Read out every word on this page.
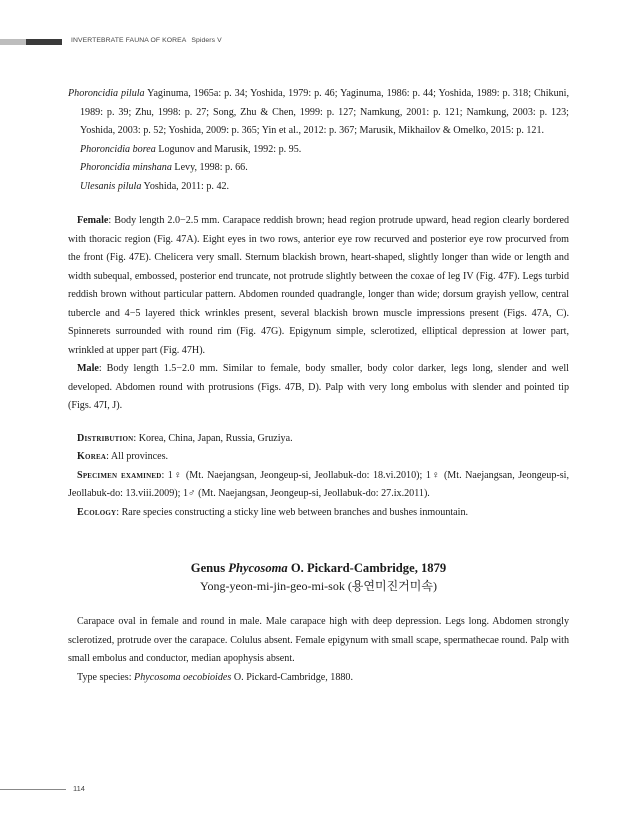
INVERTEBRATE FAUNA OF KOREA Spiders V

Phoroncidia pilula Yaginuma, 1965a: p. 34; Yoshida, 1979: p. 46; Yaginuma, 1986: p. 44; Yoshida, 1989: p. 318; Chikuni, 1989: p. 39; Zhu, 1998: p. 27; Song, Zhu & Chen, 1999: p. 127; Namkung, 2001: p. 121; Namkung, 2003: p. 123; Yoshida, 2003: p. 52; Yoshida, 2009: p. 365; Yin et al., 2012: p. 367; Marusik, Mikhailov & Omelko, 2015: p. 121.

Phoroncidia borea Logunov and Marusik, 1992: p. 95.

Phoroncidia minshana Levy, 1998: p. 66.

Ulesanis pilula Yoshida, 2011: p. 42.

Female: Body length 2.0−2.5 mm. Carapace reddish brown; head region protrude upward, head region clearly bordered with thoracic region (Fig. 47A). Eight eyes in two rows, anterior eye row recurved and posterior eye row procurved from the front (Fig. 47E). Chelicera very small. Sternum blackish brown, heart-shaped, slightly longer than wide or length and width subequal, embossed, posterior end truncate, not protrude slightly between the coxae of leg IV (Fig. 47F). Legs turbid reddish brown without particular pattern. Abdomen rounded quadrangle, longer than wide; dorsum grayish yellow, central tubercle and 4−5 layered thick wrinkles present, several blackish brown muscle impressions present (Figs. 47A, C). Spinnerets surrounded with round rim (Fig. 47G). Epigynum simple, sclerotized, elliptical depression at lower part, wrinkled at upper part (Fig. 47H).

Male: Body length 1.5−2.0 mm. Similar to female, body smaller, body color darker, legs long, slender and well developed. Abdomen round with protrusions (Figs. 47B, D). Palp with very long embolus with slender and pointed tip (Figs. 47I, J).

Distribution: Korea, China, Japan, Russia, Gruziya.

Korea: All provinces.

Specimen examined: 1♀ (Mt. Naejangsan, Jeongeup-si, Jeollabuk-do: 18.vi.2010); 1♀ (Mt. Naejangsan, Jeongeup-si, Jeollabuk-do: 13.viii.2009); 1♂ (Mt. Naejangsan, Jeongeup-si, Jeollabuk-do: 27.ix.2011).

Ecology: Rare species constructing a sticky line web between branches and bushes inmountain.

Genus Phycosoma O. Pickard-Cambridge, 1879
Yong-yeon-mi-jin-geo-mi-sok (용연미진거미속)

Carapace oval in female and round in male. Male carapace high with deep depression. Legs long. Abdomen strongly sclerotized, protrude over the carapace. Colulus absent. Female epigynum with small scape, spermathecae round. Palp with small embolus and conductor, median apophysis absent.

Type species: Phycosoma oecobioides O. Pickard-Cambridge, 1880.

114
